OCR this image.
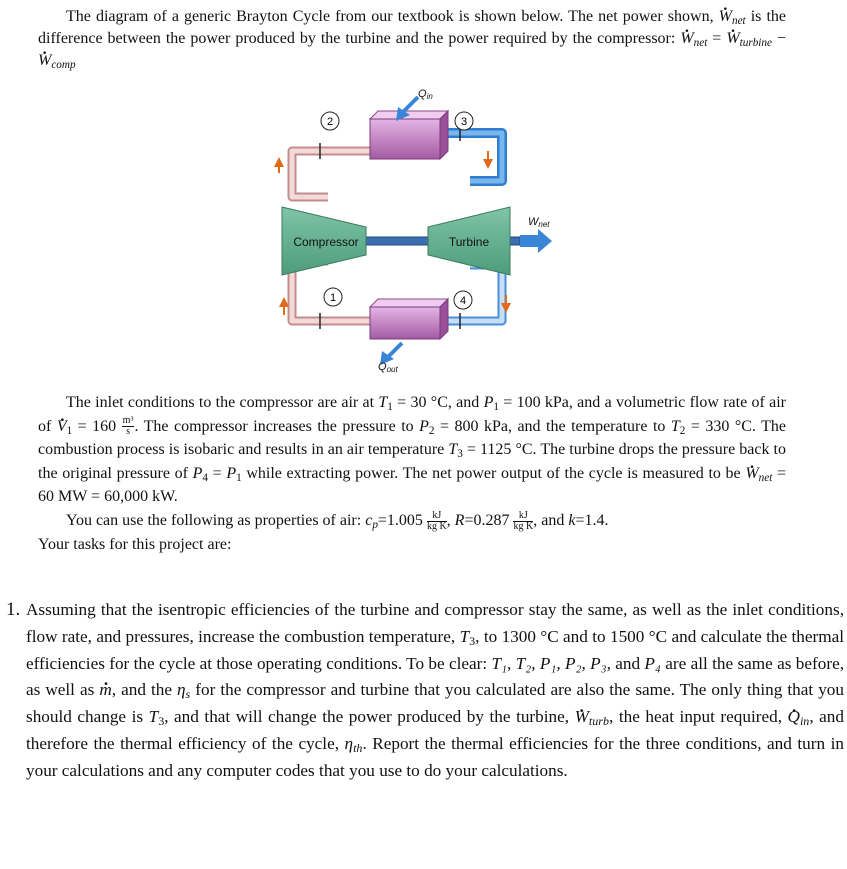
The diagram of a generic Brayton Cycle from our textbook is shown below. The net power shown, · $W_{net}$ is the difference between the power produced by the turbine and the power required by the compressor: · $W_{net}$ = · $W_{turbine}$ − · $W_{comp}$
Compressor	Turbine
2	3
1	4
Qin
Qout
Wnet
The inlet conditions to the compressor are air at $T_1 = 30$ °C, and $P_1 = 100$ kPa, and a volumetric flow rate of air of · $V_1 = 160 \frac{\text{m³}}{s}$ . The compressor increases the pressure to $P_2 = 800$ kPa, and the temperature to $T_2 = 330$ °C. The combustion process is isobaric and results in an air temperature $T_3 = 1125$ °C. The turbine drops the pressure back to the original pressure of $P_4 = P_1$ while extracting power. The net power output of the cycle is measured to be · $W_{net} = 60$ MW = 60,000 kW.
You can use the following as properties of air: $c_p=1.005 \frac{kJ}{\text{kg K}}$ , $R=0.287 \frac{kJ}{\text{kg K}}$ , and k=1.4.
Your tasks for this project are:
1. Assuming that the isentropic efficiencies of the turbine and compressor stay the same, as well as the inlet conditions, flow rate, and pressures, increase the combustion temperature, $T_3$, to 1300 °C and to 1500 °C and calculate the thermal efficiencies for the cycle at those operating conditions. To be clear: T₁, T₂, P₁, P₂, P₃, and P₄ are all the same as before, as well as · m, and the $\eta_s$ for the compressor and turbine that you calculated are also the same. The only thing that you should change is $T_3$, and that will change the power produced by the turbine, · $W_{turb}$, the heat input required, · $Q_{in}$, and therefore the thermal efficiency of the cycle, $\eta_{th}$. Report the thermal efficiencies for the three conditions, and turn in your calculations and any computer codes that you use to do your calculations.
